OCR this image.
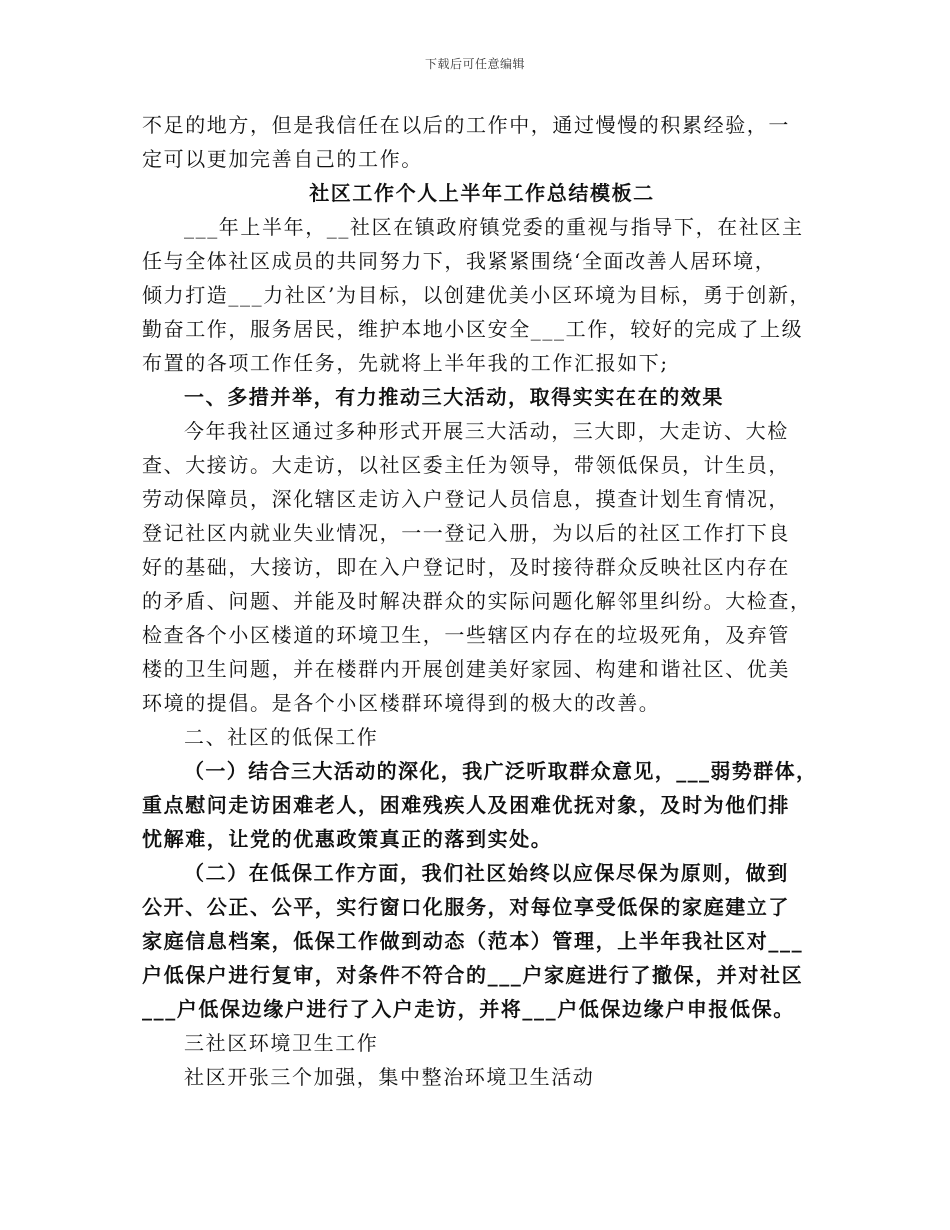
下载后可任意编辑
不足的地方，但是我信任在以后的工作中，通过慢慢的积累经验，一
定可以更加完善自己的工作。
社区工作个人上半年工作总结模板二
___年上半年，__社区在镇政府镇党委的重视与指导下，在社区主
任与全体社区成员的共同努力下，我紧紧围绕‘全面改善人居环境，
倾力打造___力社区’为目标，以创建优美小区环境为目标，勇于创新，
勤奋工作，服务居民，维护本地小区安全___工作，较好的完成了上级
布置的各项工作任务，先就将上半年我的工作汇报如下;
一、多措并举，有力推动三大活动，取得实实在在的效果
今年我社区通过多种形式开展三大活动，三大即，大走访、大检
查、大接访。大走访，以社区委主任为领导，带领低保员，计生员，
劳动保障员，深化辖区走访入户登记人员信息，摸查计划生育情况，
登记社区内就业失业情况，一一登记入册，为以后的社区工作打下良
好的基础，大接访，即在入户登记时，及时接待群众反映社区内存在
的矛盾、问题、并能及时解决群众的实际问题化解邻里纠纷。大检查，
检查各个小区楼道的环境卫生，一些辖区内存在的垃圾死角，及弃管
楼的卫生问题，并在楼群内开展创建美好家园、构建和谐社区、优美
环境的提倡。是各个小区楼群环境得到的极大的改善。
二、社区的低保工作
（一）结合三大活动的深化，我广泛听取群众意见，___弱势群体，
重点慰问走访困难老人，困难残疾人及困难优抚对象，及时为他们排
忧解难，让党的优惠政策真正的落到实处。
（二）在低保工作方面，我们社区始终以应保尽保为原则，做到
公开、公正、公平，实行窗口化服务，对每位享受低保的家庭建立了
家庭信息档案，低保工作做到动态（范本）管理，上半年我社区对___
户低保户进行复审，对条件不符合的___户家庭进行了撤保，并对社区
___户低保边缘户进行了入户走访，并将___户低保边缘户申报低保。
三社区环境卫生工作
社区开张三个加强，集中整治环境卫生活动
